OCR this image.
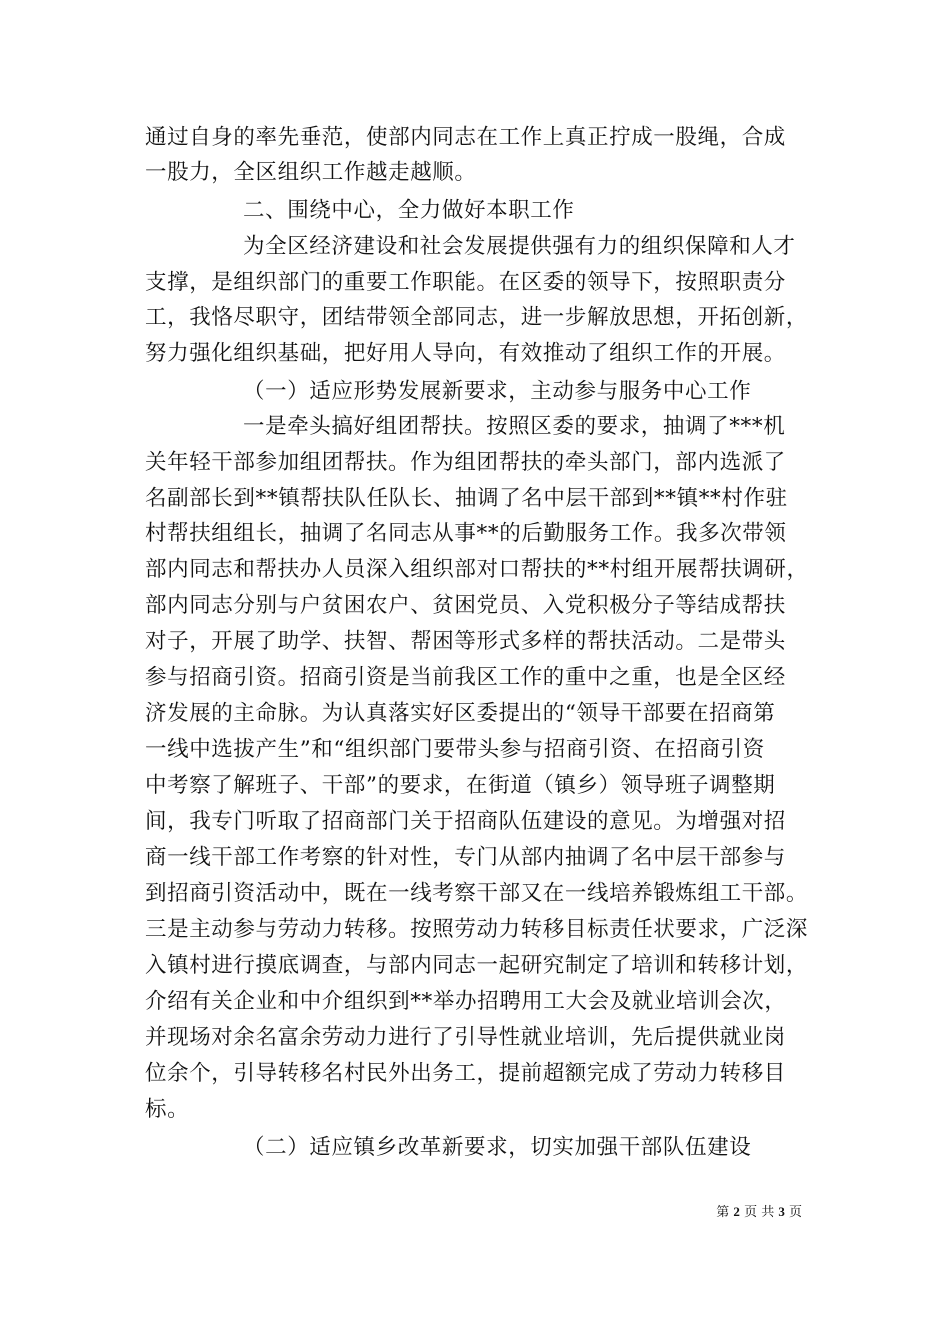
通过自身的率先垂范，使部内同志在工作上真正拧成一股绳，合成
一股力，全区组织工作越走越顺。
二、围绕中心，全力做好本职工作
为全区经济建设和社会发展提供强有力的组织保障和人才
支撑，是组织部门的重要工作职能。在区委的领导下，按照职责分
工，我恪尽职守，团结带领全部同志，进一步解放思想，开拓创新，
努力强化组织基础，把好用人导向，有效推动了组织工作的开展。
（一）适应形势发展新要求，主动参与服务中心工作
一是牵头搞好组团帮扶。按照区委的要求，抽调了***机
关年轻干部参加组团帮扶。作为组团帮扶的牵头部门，部内选派了
名副部长到**镇帮扶队任队长、抽调了名中层干部到**镇**村作驻
村帮扶组组长，抽调了名同志从事**的后勤服务工作。我多次带领
部内同志和帮扶办人员深入组织部对口帮扶的**村组开展帮扶调研，
部内同志分别与户贫困农户、贫困党员、入党积极分子等结成帮扶
对子，开展了助学、扶智、帮困等形式多样的帮扶活动。二是带头
参与招商引资。招商引资是当前我区工作的重中之重，也是全区经
济发展的主命脉。为认真落实好区委提出的“领导干部要在招商第
一线中选拔产生”和“组织部门要带头参与招商引资、在招商引资
中考察了解班子、干部”的要求，在街道（镇乡）领导班子调整期
间，我专门听取了招商部门关于招商队伍建设的意见。为增强对招
商一线干部工作考察的针对性，专门从部内抽调了名中层干部参与
到招商引资活动中，既在一线考察干部又在一线培养锻炼组工干部。
三是主动参与劳动力转移。按照劳动力转移目标责任状要求，广泛深
入镇村进行摸底调查，与部内同志一起研究制定了培训和转移计划，
介绍有关企业和中介组织到**举办招聘用工大会及就业培训会次，
并现场对余名富余劳动力进行了引导性就业培训，先后提供就业岗
位余个，引导转移名村民外出务工，提前超额完成了劳动力转移目
标。
（二）适应镇乡改革新要求，切实加强干部队伍建设
第 2 页 共 3 页
